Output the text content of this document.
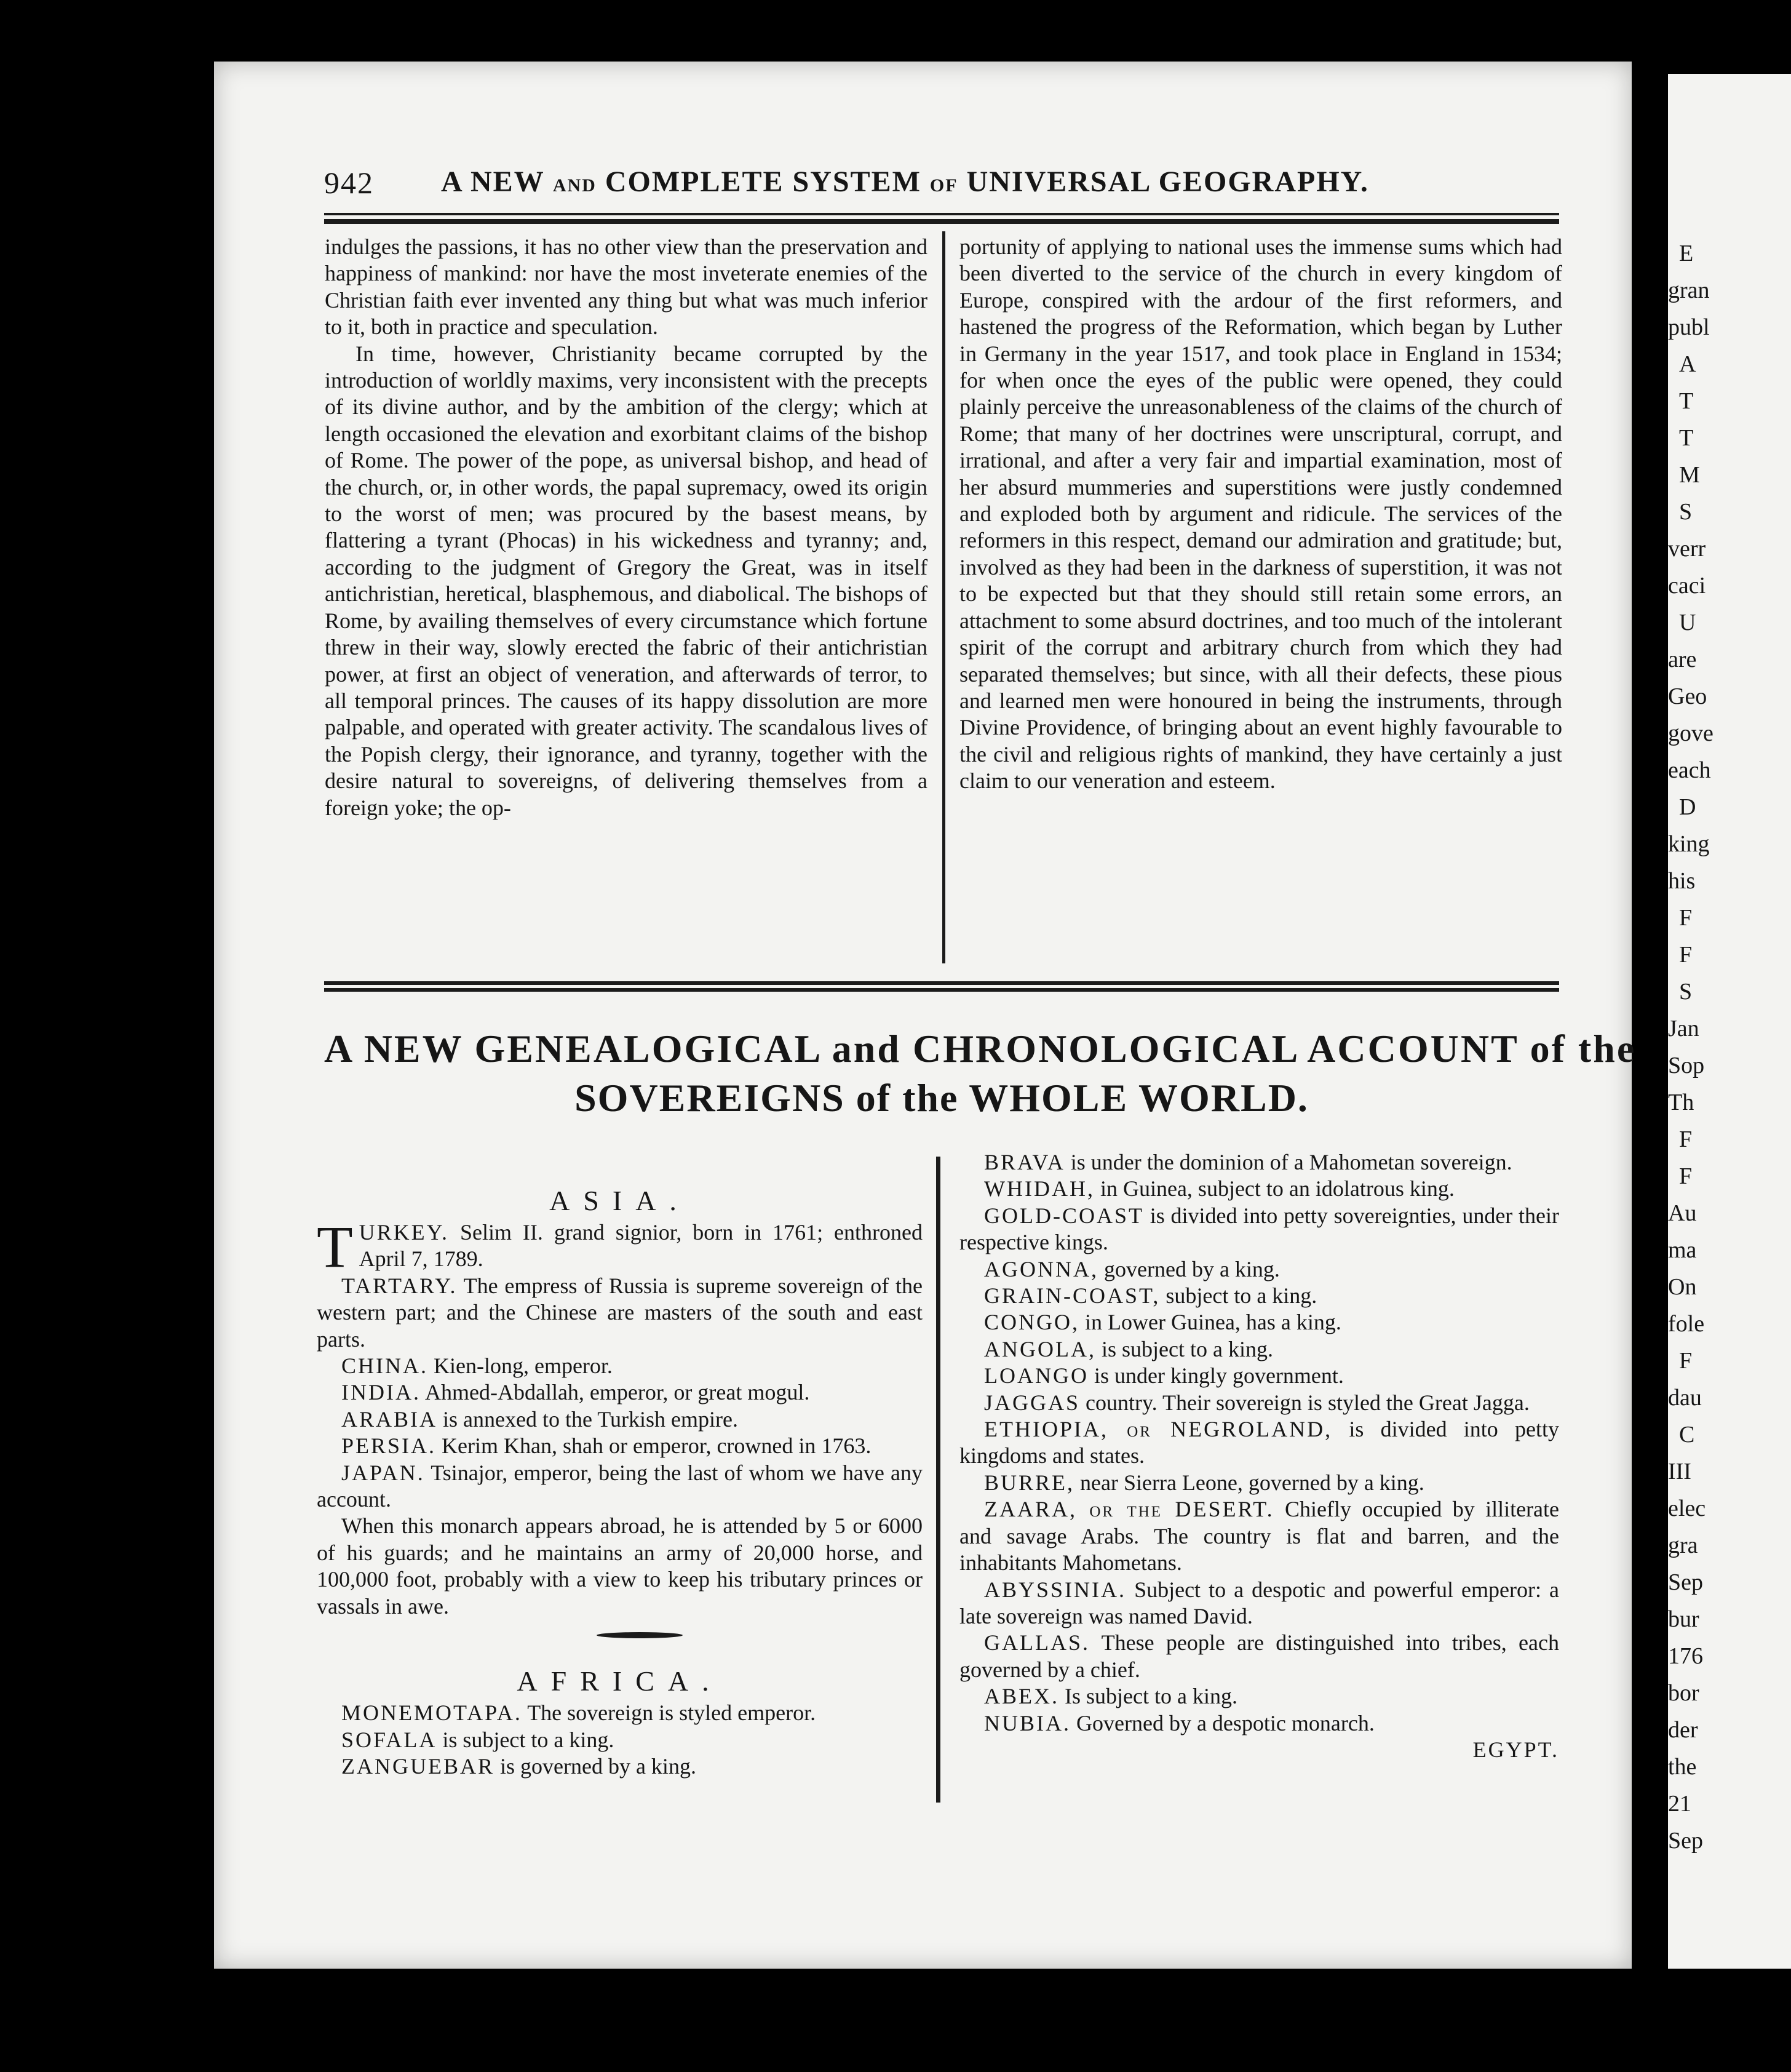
E
gran
publ
A
T
T
M
S
verr
caci
U
are
Geo
gove
each
D
king
his
F
F
S
Jan
Sop
Th
F
F
Au
ma
On
fole
F
dau
C
III
elec
gra
Sep
bur
176
bor
der
the
21
Sep
942 A NEW AND COMPLETE SYSTEM OF UNIVERSAL GEOGRAPHY.

indulges the passions, it has no other view than the preservation and happiness of mankind: nor have the most inveterate enemies of the Christian faith ever invented any thing but what was much inferior to it, both in practice and speculation.

In time, however, Christianity became corrupted by the introduction of worldly maxims, very inconsistent with the precepts of its divine author, and by the ambition of the clergy; which at length occasioned the elevation and exorbitant claims of the bishop of Rome. The power of the pope, as universal bishop, and head of the church, or, in other words, the papal supremacy, owed its origin to the worst of men; was procured by the basest means, by flattering a tyrant (Phocas) in his wickedness and tyranny; and, according to the judgment of Gregory the Great, was in itself antichristian, heretical, blasphemous, and diabolical. The bishops of Rome, by availing themselves of every circumstance which fortune threw in their way, slowly erected the fabric of their antichristian power, at first an object of veneration, and afterwards of terror, to all temporal princes. The causes of its happy dissolution are more palpable, and operated with greater activity. The scandalous lives of the Popish clergy, their ignorance, and tyranny, together with the desire natural to sovereigns, of delivering themselves from a foreign yoke; the op-

portunity of applying to national uses the immense sums which had been diverted to the service of the church in every kingdom of Europe, conspired with the ardour of the first reformers, and hastened the progress of the Reformation, which began by Luther in Germany in the year 1517, and took place in England in 1534; for when once the eyes of the public were opened, they could plainly perceive the unreasonableness of the claims of the church of Rome; that many of her doctrines were unscriptural, corrupt, and irrational, and after a very fair and impartial examination, most of her absurd mummeries and superstitions were justly condemned and exploded both by argument and ridicule. The services of the reformers in this respect, demand our admiration and gratitude; but, involved as they had been in the darkness of superstition, it was not to be expected but that they should still retain some errors, an attachment to some absurd doctrines, and too much of the intolerant spirit of the corrupt and arbitrary church from which they had separated themselves; but since, with all their defects, these pious and learned men were honoured in being the instruments, through Divine Providence, of bringing about an event highly favourable to the civil and religious rights of mankind, they have certainly a just claim to our veneration and esteem.

A NEW GENEALOGICAL and CHRONOLOGICAL ACCOUNT of the
SOVEREIGNS of the WHOLE WORLD.

ASIA.

TURKEY. Selim II. grand signior, born in 1761; enthroned April 7, 1789.

TARTARY. The empress of Russia is supreme sovereign of the western part; and the Chinese are masters of the south and east parts.

CHINA. Kien-long, emperor.

INDIA. Ahmed-Abdallah, emperor, or great mogul.

ARABIA is annexed to the Turkish empire.

PERSIA. Kerim Khan, shah or emperor, crowned in 1763.

JAPAN. Tsinajor, emperor, being the last of whom we have any account.

When this monarch appears abroad, he is attended by 5 or 6000 of his guards; and he maintains an army of 20,000 horse, and 100,000 foot, probably with a view to keep his tributary princes or vassals in awe.

AFRICA.

MONEMOTAPA. The sovereign is styled emperor.

SOFALA is subject to a king.

ZANGUEBAR is governed by a king.

BRAVA is under the dominion of a Mahometan sovereign.

WHIDAH, in Guinea, subject to an idolatrous king.

GOLD-COAST is divided into petty sovereignties, under their respective kings.

AGONNA, governed by a king.

GRAIN-COAST, subject to a king.

CONGO, in Lower Guinea, has a king.

ANGOLA, is subject to a king.

LOANGO is under kingly government.

JAGGAS country. Their sovereign is styled the Great Jagga.

ETHIOPIA, or NEGROLAND, is divided into petty kingdoms and states.

BURRE, near Sierra Leone, governed by a king.

ZAARA, or the DESERT. Chiefly occupied by illiterate and savage Arabs. The country is flat and barren, and the inhabitants Mahometans.

ABYSSINIA. Subject to a despotic and powerful emperor: a late sovereign was named David.

GALLAS. These people are distinguished into tribes, each governed by a chief.

ABEX. Is subject to a king.

NUBIA. Governed by a despotic monarch.

EGYPT.
